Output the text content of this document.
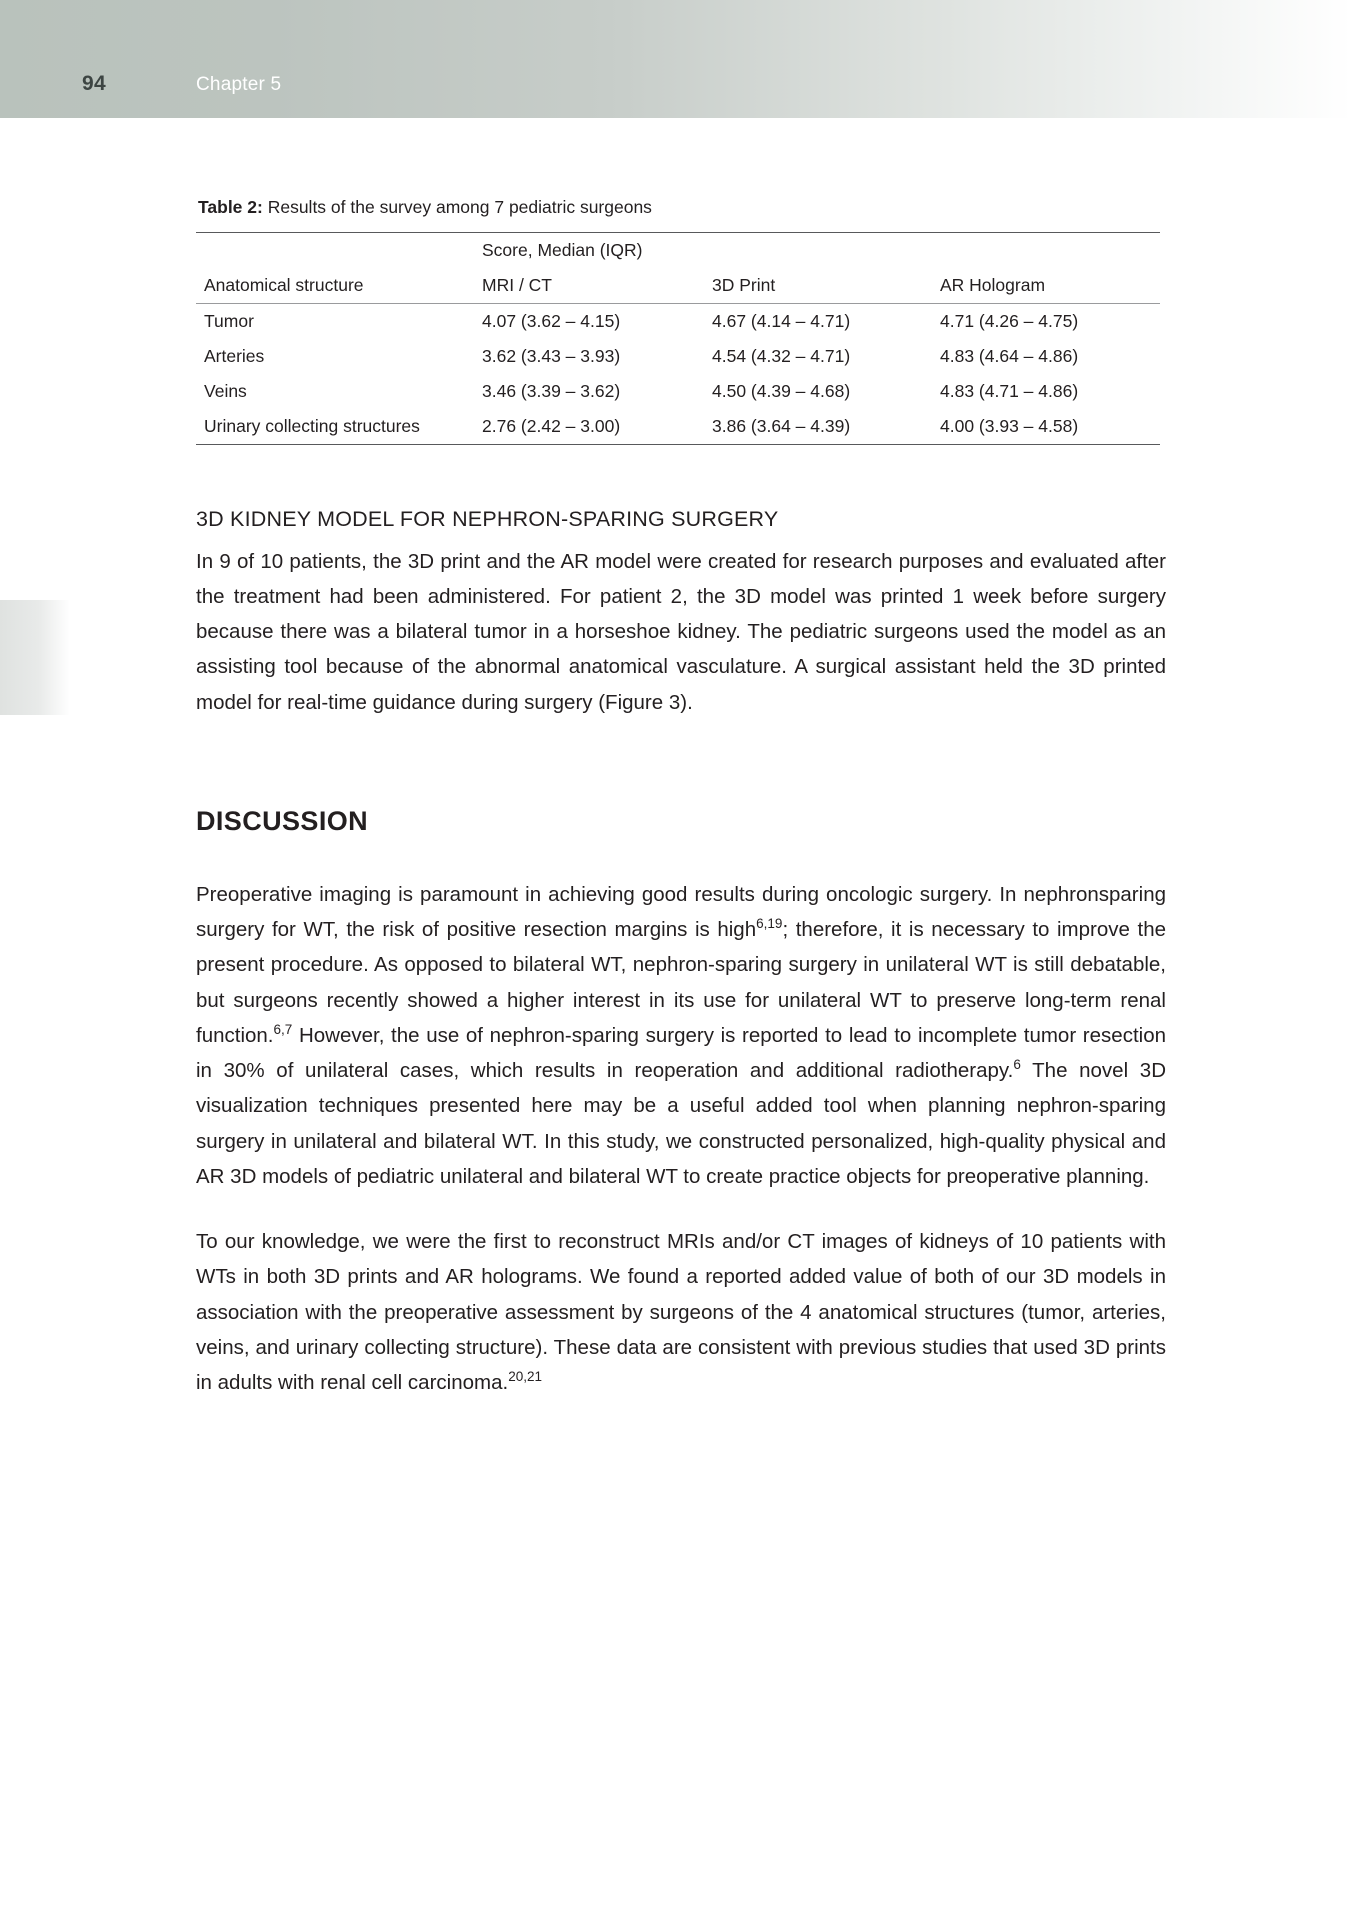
94	Chapter 5

Table 2: Results of the survey among 7 pediatric surgeons

	Score, Median (IQR)		
Anatomical structure	MRI / CT	3D Print	AR Hologram
Tumor	4.07 (3.62 – 4.15)	4.67 (4.14 – 4.71)	4.71 (4.26 – 4.75)
Arteries	3.62 (3.43 – 3.93)	4.54 (4.32 – 4.71)	4.83 (4.64 – 4.86)
Veins	3.46 (3.39 – 3.62)	4.50 (4.39 – 4.68)	4.83 (4.71 – 4.86)
Urinary collecting structures	2.76 (2.42 – 3.00)	3.86 (3.64 – 4.39)	4.00 (3.93 – 4.58)
3D KIDNEY MODEL FOR NEPHRON-SPARING SURGERY

In 9 of 10 patients, the 3D print and the AR model were created for research purposes and evaluated after the treatment had been administered. For patient 2, the 3D model was printed 1 week before surgery because there was a bilateral tumor in a horseshoe kidney. The pediatric surgeons used the model as an assisting tool because of the abnormal anatomical vasculature. A surgical assistant held the 3D printed model for real-time guidance during surgery (Figure 3).

DISCUSSION

Preoperative imaging is paramount in achieving good results during oncologic surgery. In nephronsparing surgery for WT, the risk of positive resection margins is high$^{6,19}$; therefore, it is necessary to improve the present procedure. As opposed to bilateral WT, nephron-sparing surgery in unilateral WT is still debatable, but surgeons recently showed a higher interest in its use for unilateral WT to preserve long-term renal function.$^{6,7}$ However, the use of nephron-sparing surgery is reported to lead to incomplete tumor resection in 30% of unilateral cases, which results in reoperation and additional radiotherapy.$^6$ The novel 3D visualization techniques presented here may be a useful added tool when planning nephron-sparing surgery in unilateral and bilateral WT. In this study, we constructed personalized, high-quality physical and AR 3D models of pediatric unilateral and bilateral WT to create practice objects for preoperative planning.

To our knowledge, we were the first to reconstruct MRIs and/or CT images of kidneys of 10 patients with WTs in both 3D prints and AR holograms. We found a reported added value of both of our 3D models in association with the preoperative assessment by surgeons of the 4 anatomical structures (tumor, arteries, veins, and urinary collecting structure). These data are consistent with previous studies that used 3D prints in adults with renal cell carcinoma.$^{20,21}$
